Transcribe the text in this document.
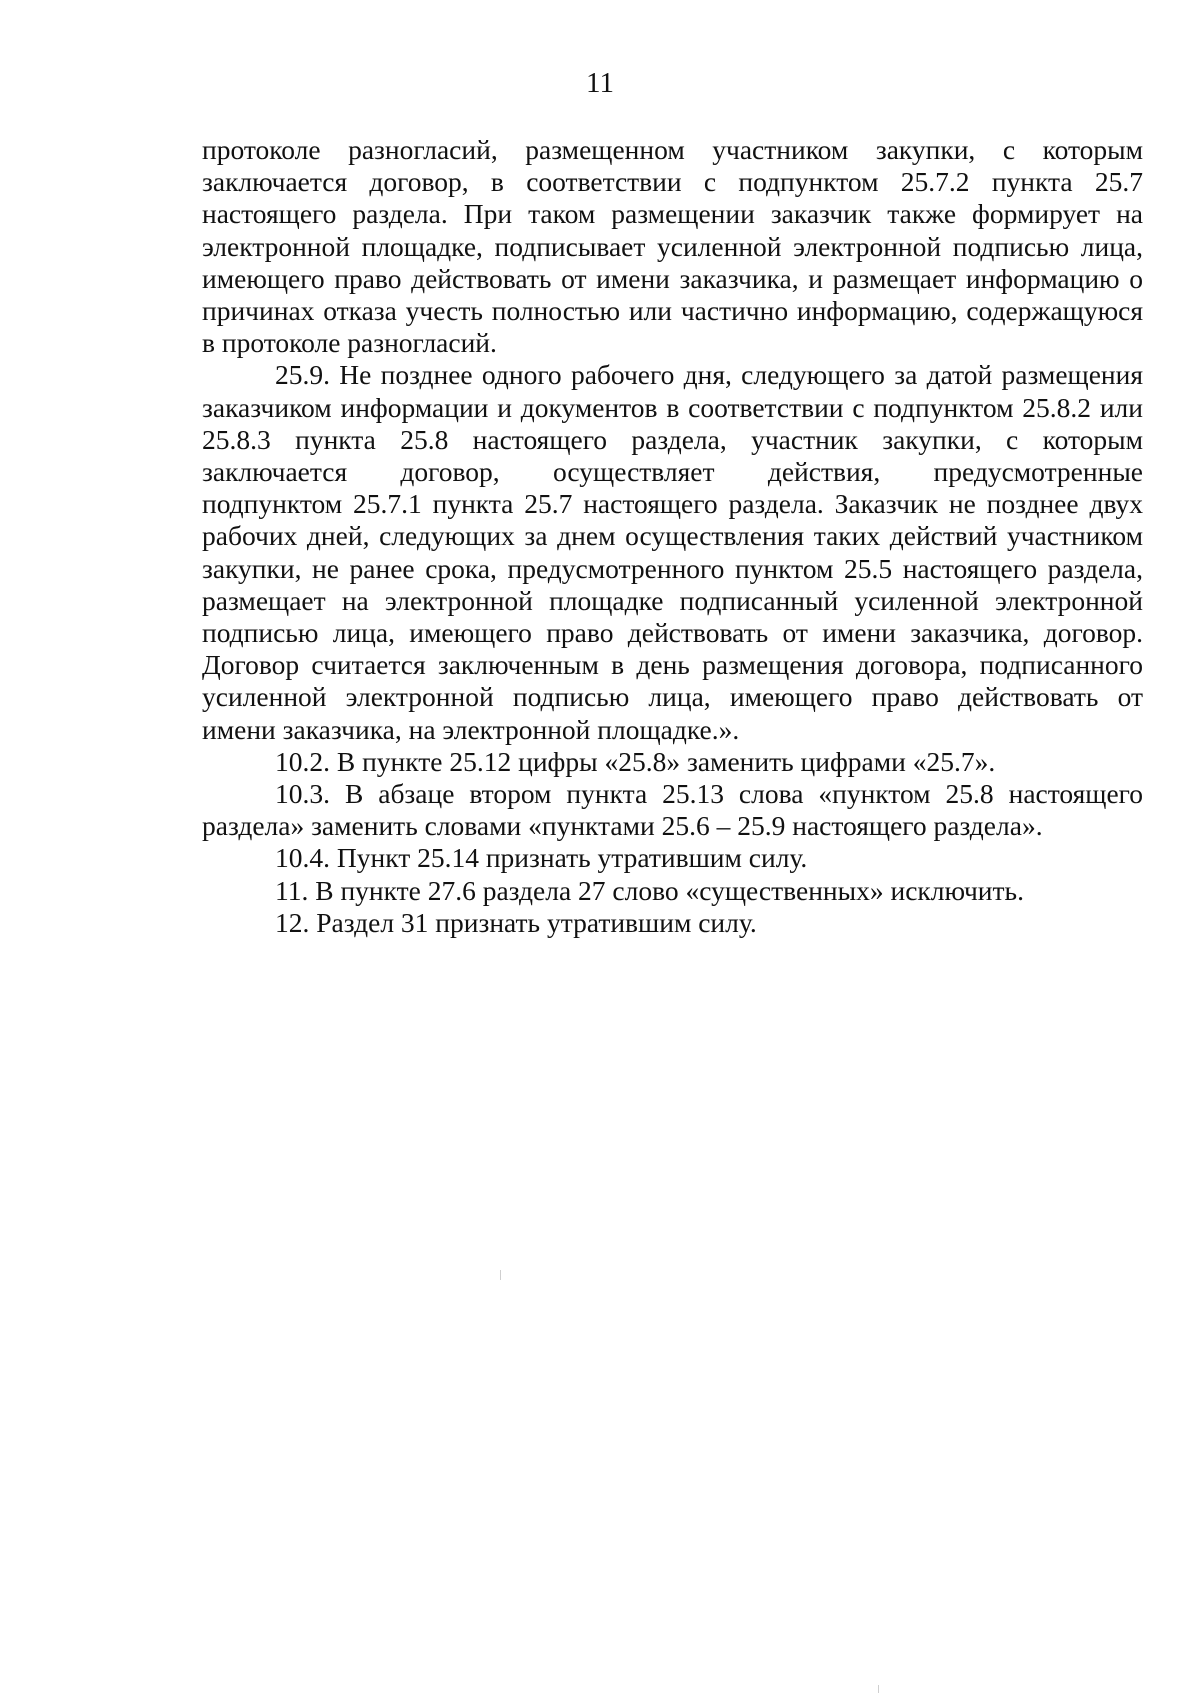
11

протоколе разногласий, размещенном участником закупки, с которым
заключается договор, в соответствии с подпунктом 25.7.2 пункта 25.7
настоящего раздела. При таком размещении заказчик также формирует на
электронной площадке, подписывает усиленной электронной подписью лица,
имеющего право действовать от имени заказчика, и размещает информацию о
причинах отказа учесть полностью или частично информацию, содержащуюся
в протоколе разногласий.

25.9. Не позднее одного рабочего дня, следующего за датой размещения
заказчиком информации и документов в соответствии с подпунктом 25.8.2 или
25.8.3 пункта 25.8 настоящего раздела, участник закупки, с которым
заключается договор, осуществляет действия, предусмотренные
подпунктом 25.7.1 пункта 25.7 настоящего раздела. Заказчик не позднее двух
рабочих дней, следующих за днем осуществления таких действий участником
закупки, не ранее срока, предусмотренного пунктом 25.5 настоящего раздела,
размещает на электронной площадке подписанный усиленной электронной
подписью лица, имеющего право действовать от имени заказчика, договор.
Договор считается заключенным в день размещения договора, подписанного
усиленной электронной подписью лица, имеющего право действовать от
имени заказчика, на электронной площадке.».

10.2. В пункте 25.12 цифры «25.8» заменить цифрами «25.7».

10.3. В абзаце втором пункта 25.13 слова «пунктом 25.8 настоящего
раздела» заменить словами «пунктами 25.6 – 25.9 настоящего раздела».

10.4. Пункт 25.14 признать утратившим силу.

11. В пункте 27.6 раздела 27 слово «существенных» исключить.

12. Раздел 31 признать утратившим силу.
